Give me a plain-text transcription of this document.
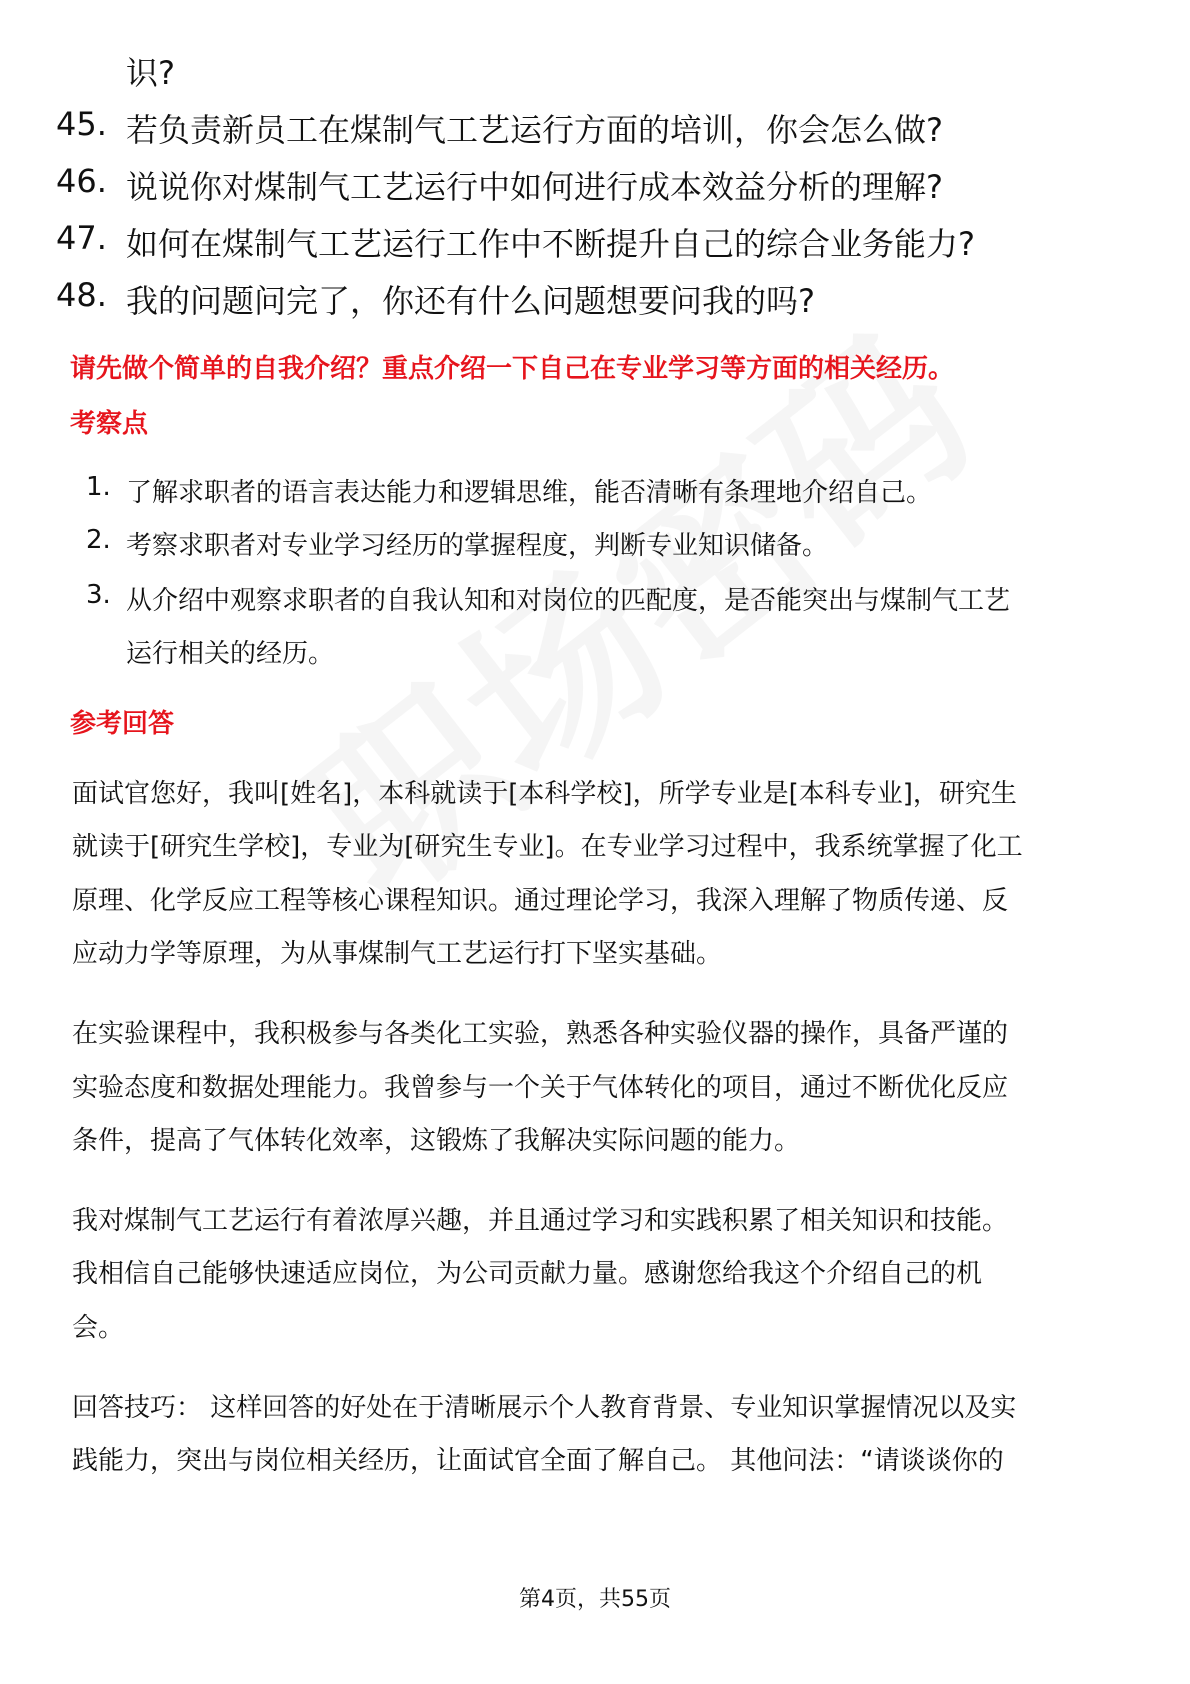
识?
45. 若负责新员工在煤制气工艺运行方面的培训，你会怎么做?
46. 说说你对煤制气工艺运行中如何进行成本效益分析的理解?
47. 如何在煤制气工艺运行工作中不断提升自己的综合业务能力?
48. 我的问题问完了，你还有什么问题想要问我的吗?
请先做个简单的自我介绍？重点介绍一下自己在专业学习等方面的相关经历。
考察点
1. 了解求职者的语言表达能力和逻辑思维，能否清晰有条理地介绍自己。
2. 考察求职者对专业学习经历的掌握程度，判断专业知识储备。
3. 从介绍中观察求职者的自我认知和对岗位的匹配度，是否能突出与煤制气工艺
运行相关的经历。
参考回答
面试官您好，我叫[姓名]，本科就读于[本科学校]，所学专业是[本科专业]，研究生
就读于[研究生学校]，专业为[研究生专业]。在专业学习过程中，我系统掌握了化工
原理、化学反应工程等核心课程知识。通过理论学习，我深入理解了物质传递、反
应动力学等原理，为从事煤制气工艺运行打下坚实基础。
在实验课程中，我积极参与各类化工实验，熟悉各种实验仪器的操作，具备严谨的
实验态度和数据处理能力。我曾参与一个关于气体转化的项目，通过不断优化反应
条件，提高了气体转化效率，这锻炼了我解决实际问题的能力。
我对煤制气工艺运行有着浓厚兴趣，并且通过学习和实践积累了相关知识和技能。
我相信自己能够快速适应岗位，为公司贡献力量。感谢您给我这个介绍自己的机
会。
回答技巧： 这样回答的好处在于清晰展示个人教育背景、专业知识掌握情况以及实
践能力，突出与岗位相关经历，让面试官全面了解自己。 其他问法：“请谈谈你的
第4页，共55页
